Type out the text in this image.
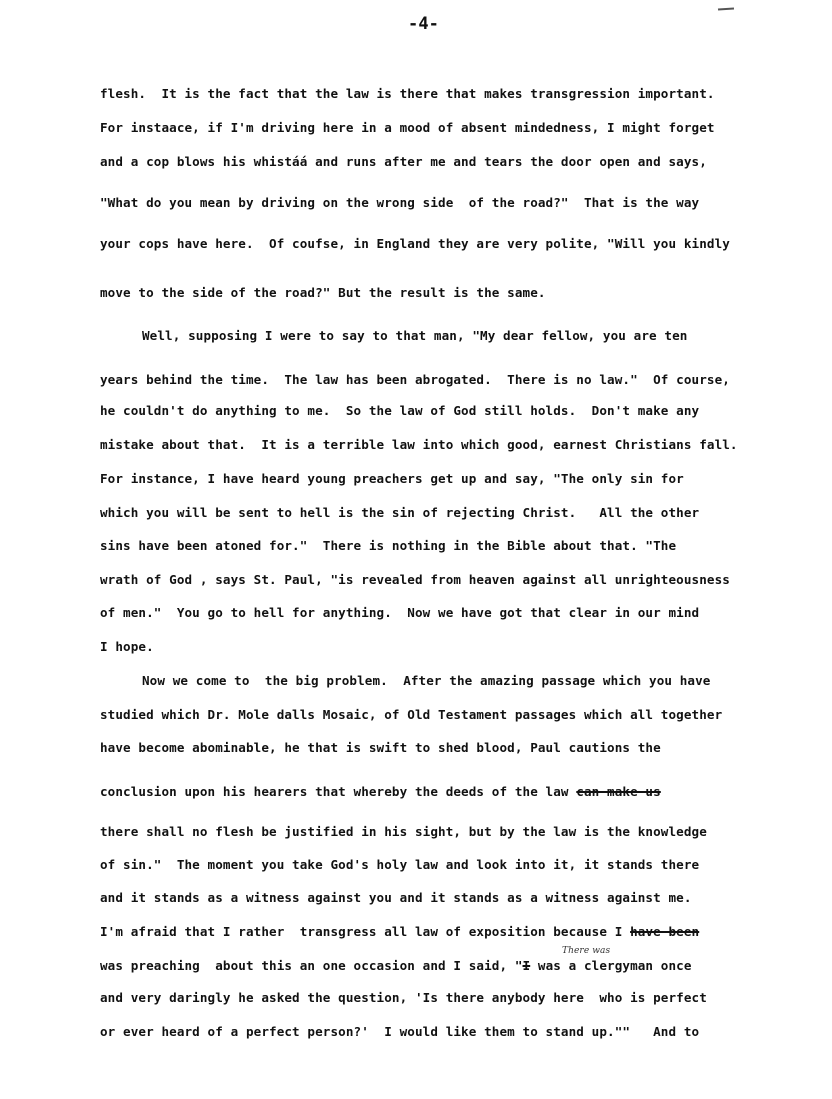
-4-
flesh.  It is the fact that the law is there that makes transgression important.
For instaace, if I'm driving here in a mood of absent mindedness, I might forget
and a cop blows his whistáá and runs after me and tears the door open and says,
"What do you mean by driving on the wrong side  of the road?"  That is the way
your cops have here.  Of coufse, in England they are very polite, "Will you kindly
move to the side of the road?" But the result is the same.
Well, supposing I were to say to that man, "My dear fellow, you are ten
years behind the time.  The law has been abrogated.  There is no law."  Of course,
he couldn't do anything to me.  So the law of God still holds.  Don't make any
mistake about that.  It is a terrible law into which good, earnest Christians fall.
For instance, I have heard young preachers get up and say, "The only sin for
which you will be sent to hell is the sin of rejecting Christ.   All the other
sins have been atoned for."  There is nothing in the Bible about that. "The
wrath of God , says St. Paul, "is revealed from heaven against all unrighteousness
of men."  You go to hell for anything.  Now we have got that clear in our mind
I hope.
Now we come to  the big problem.  After the amazing passage which you have
studied which Dr. Mole dalls Mosaic, of Old Testament passages which all together
have become abominable, he that is swift to shed blood, Paul cautions the
conclusion upon his hearers that whereby the deeds of the law can make us
there shall no flesh be justified in his sight, but by the law is the knowledge
of sin."  The moment you take God's holy law and look into it, it stands there
and it stands as a witness against you and it stands as a witness against me.
I'm afraid that I rather  transgress all law of exposition because I have been
There was
was preaching  about this an one occasion and I said, "I was a clergyman once
and very daringly he asked the question, 'Is there anybody here  who is perfect
or ever heard of a perfect person?'  I would like them to stand up.""   And to
